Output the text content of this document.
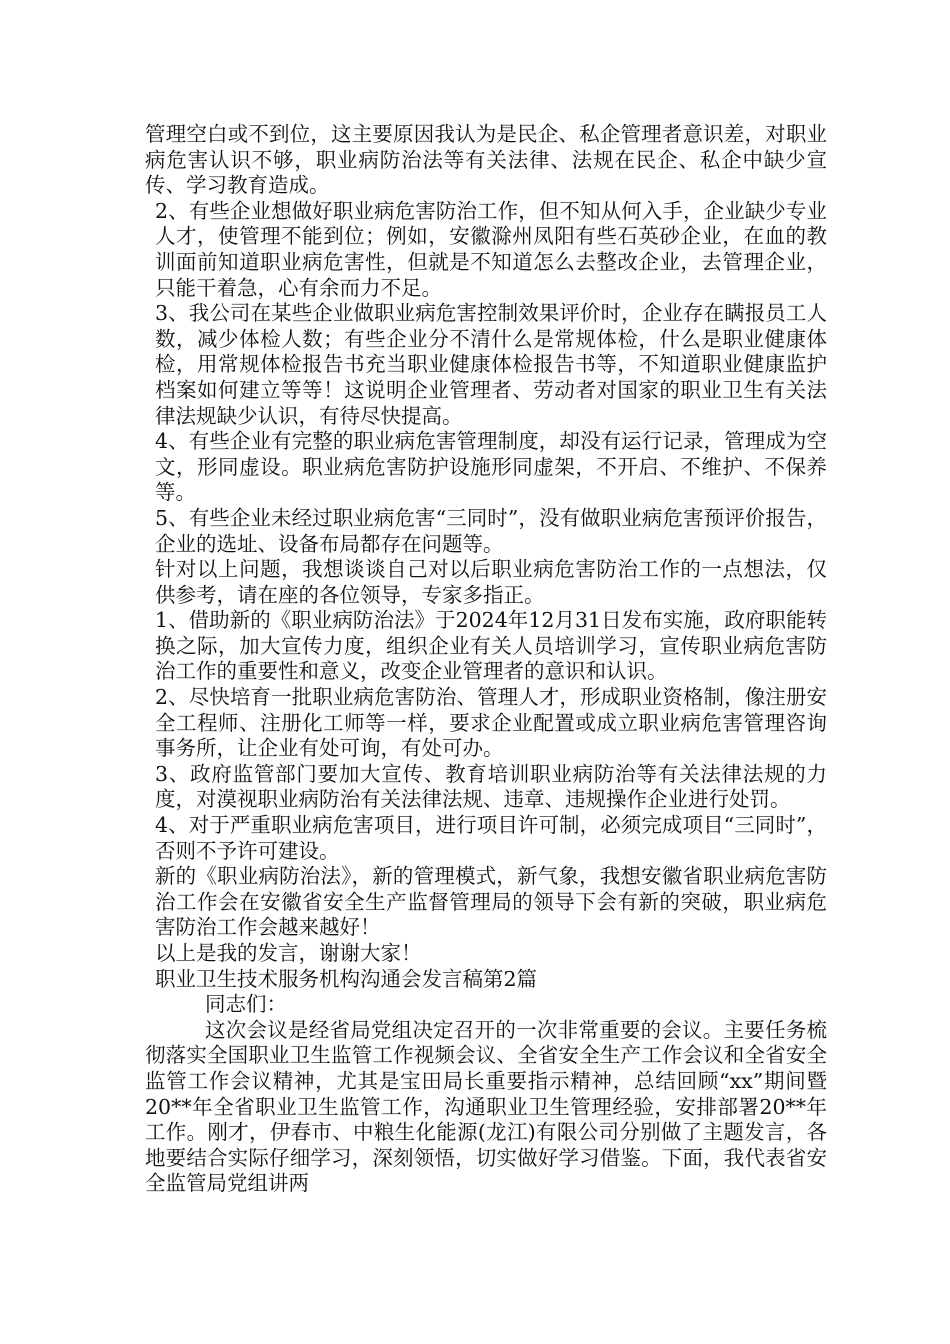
管理空白或不到位，这主要原因我认为是民企、私企管理者意识差，对职业病危害认识不够，职业病防治法等有关法律、法规在民企、私企中缺少宣传、学习教育造成。

2、有些企业想做好职业病危害防治工作，但不知从何入手，企业缺少专业人才，使管理不能到位；例如，安徽滁州凤阳有些石英砂企业，在血的教训面前知道职业病危害性，但就是不知道怎么去整改企业，去管理企业，只能干着急，心有余而力不足。

3、我公司在某些企业做职业病危害控制效果评价时，企业存在瞒报员工人数，减少体检人数；有些企业分不清什么是常规体检，什么是职业健康体检，用常规体检报告书充当职业健康体检报告书等，不知道职业健康监护档案如何建立等等！这说明企业管理者、劳动者对国家的职业卫生有关法律法规缺少认识，有待尽快提高。

4、有些企业有完整的职业病危害管理制度，却没有运行记录，管理成为空文，形同虚设。职业病危害防护设施形同虚架，不开启、不维护、不保养等。

5、有些企业未经过职业病危害“三同时”，没有做职业病危害预评价报告，企业的选址、设备布局都存在问题等。

针对以上问题，我想谈谈自己对以后职业病危害防治工作的一点想法，仅供参考，请在座的各位领导，专家多指正。

1、借助新的《职业病防治法》于2024年12月31日发布实施，政府职能转换之际，加大宣传力度，组织企业有关人员培训学习，宣传职业病危害防治工作的重要性和意义，改变企业管理者的意识和认识。

2、尽快培育一批职业病危害防治、管理人才，形成职业资格制，像注册安全工程师、注册化工师等一样，要求企业配置或成立职业病危害管理咨询事务所，让企业有处可询，有处可办。

3、政府监管部门要加大宣传、教育培训职业病防治等有关法律法规的力度，对漠视职业病防治有关法律法规、违章、违规操作企业进行处罚。

4、对于严重职业病危害项目，进行项目许可制，必须完成项目“三同时”，否则不予许可建设。

新的《职业病防治法》，新的管理模式，新气象，我想安徽省职业病危害防治工作会在安徽省安全生产监督管理局的领导下会有新的突破，职业病危害防治工作会越来越好！

以上是我的发言，谢谢大家！

职业卫生技术服务机构沟通会发言稿第2篇

同志们：

这次会议是经省局党组决定召开的一次非常重要的会议。主要任务梳彻落实全国职业卫生监管工作视频会议、全省安全生产工作会议和全省安全监管工作会议精神，尤其是宝田局长重要指示精神，总结回顾“xx”期间暨20**年全省职业卫生监管工作，沟通职业卫生管理经验，安排部署20**年工作。刚才，伊春市、中粮生化能源(龙江)有限公司分别做了主题发言，各地要结合实际仔细学习，深刻领悟，切实做好学习借鉴。下面，我代表省安全监管局党组讲两
